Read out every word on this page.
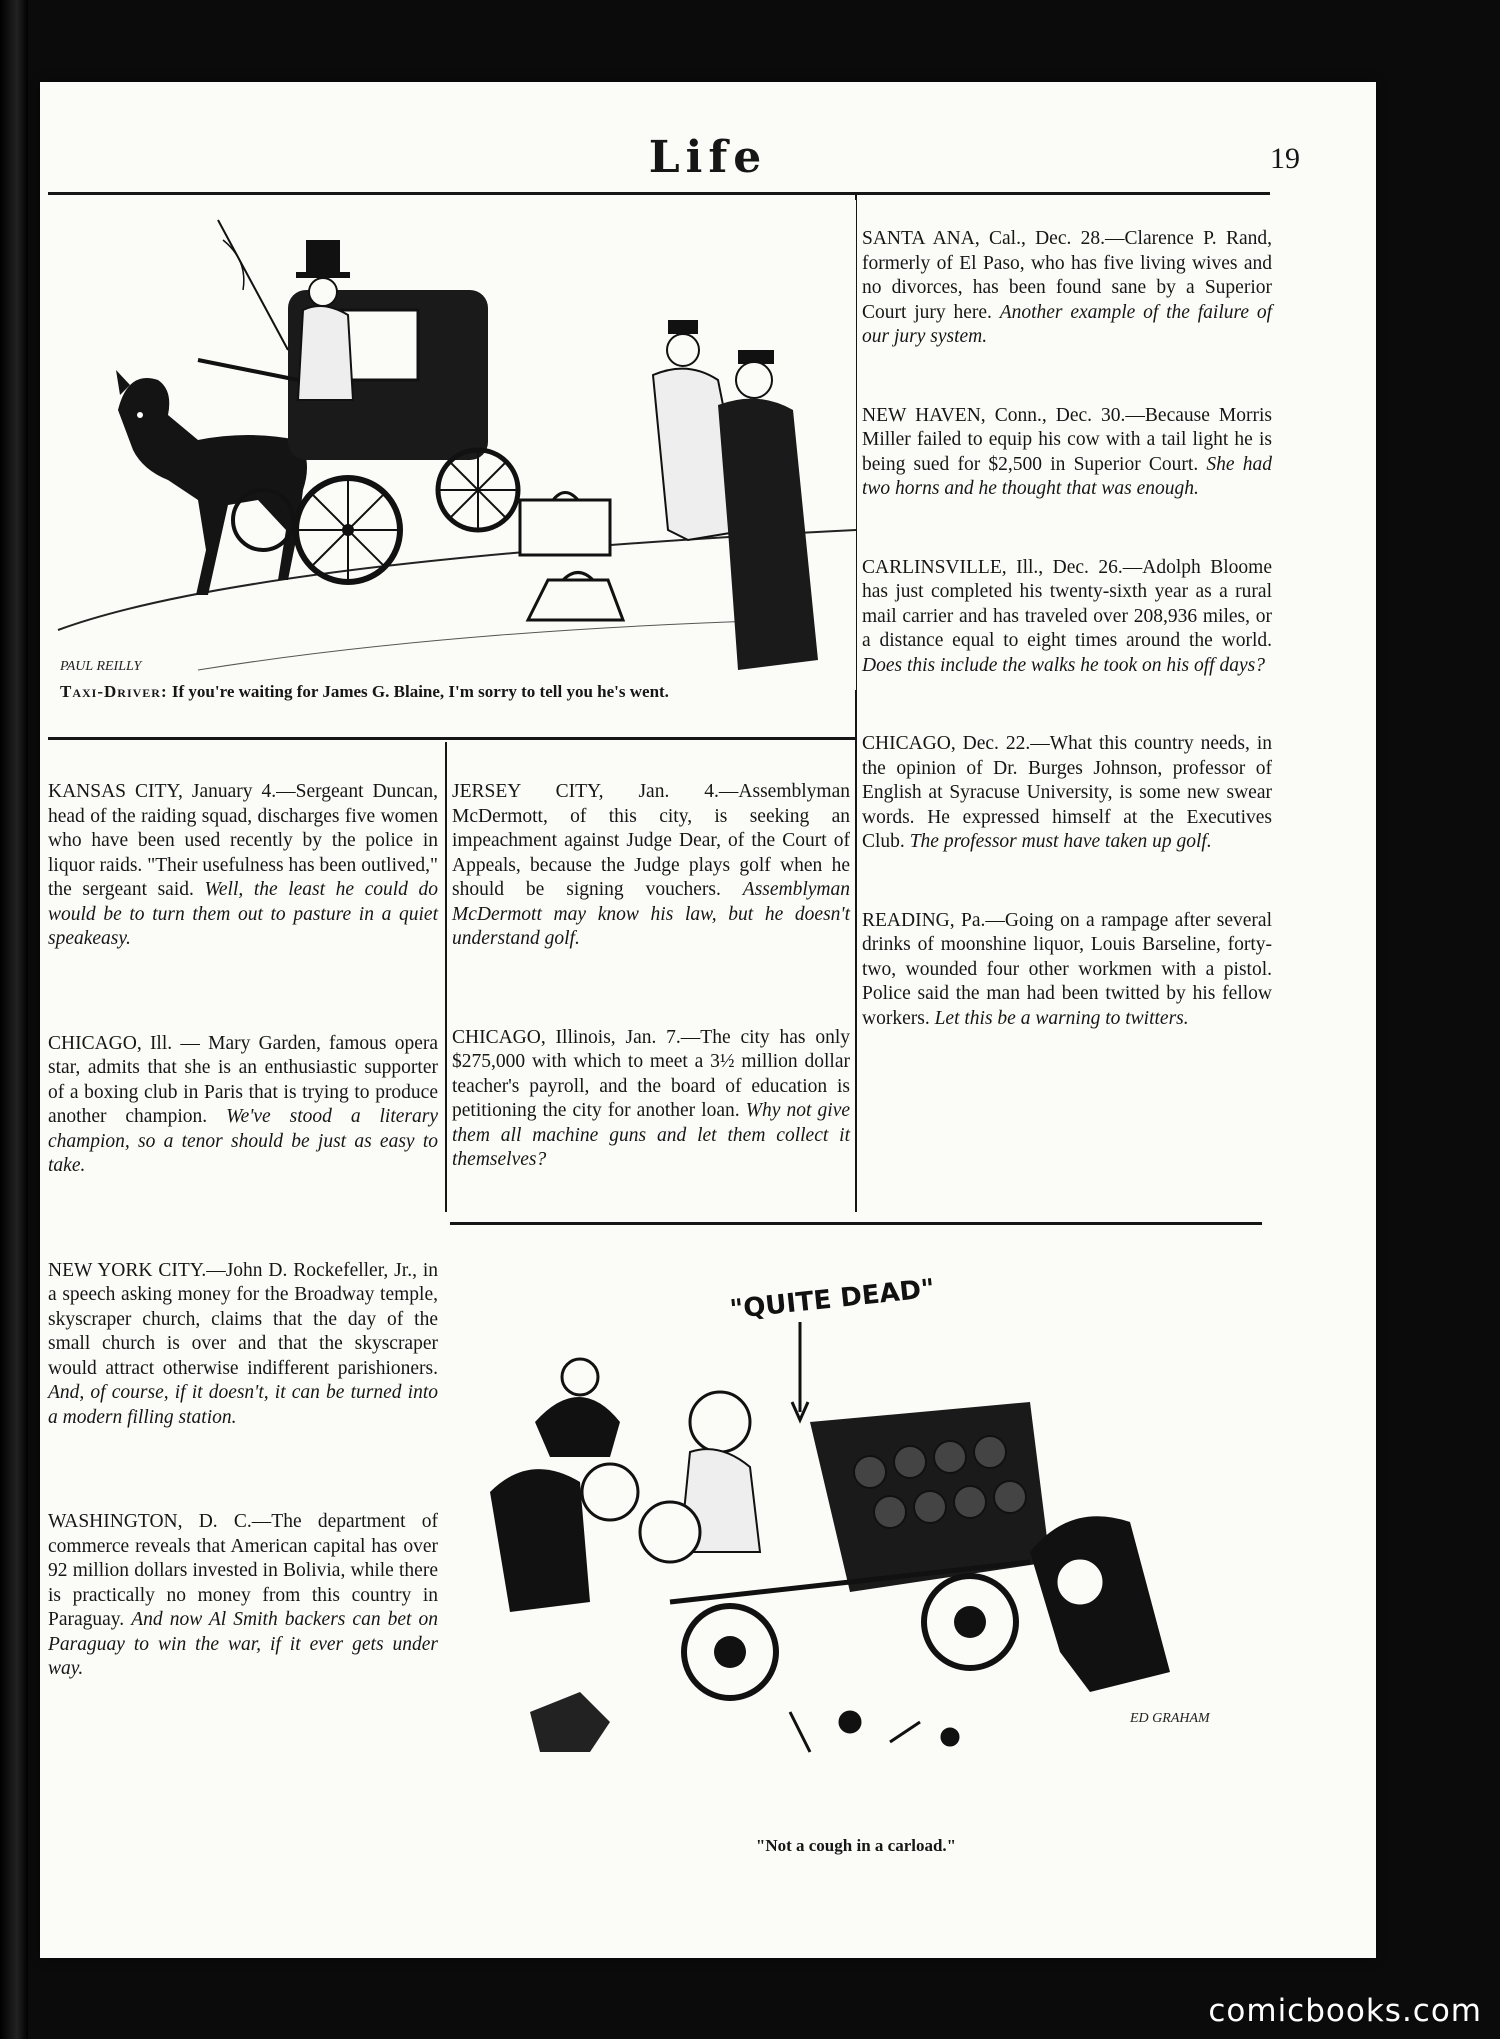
Life	19
PAUL REILLY
Taxi-Driver: If you're waiting for James G. Blaine, I'm sorry to tell you he's went.

SANTA ANA, Cal., Dec. 28.—Clarence P. Rand, formerly of El Paso, who has five living wives and no divorces, has been found sane by a Superior Court jury here. Another example of the failure of our jury system.

NEW HAVEN, Conn., Dec. 30.—Because Morris Miller failed to equip his cow with a tail light he is being sued for $2,500 in Superior Court. She had two horns and he thought that was enough.

CARLINSVILLE, Ill., Dec. 26.—Adolph Bloome has just completed his twenty-sixth year as a rural mail carrier and has traveled over 208,936 miles, or a distance equal to eight times around the world. Does this include the walks he took on his off days?

CHICAGO, Dec. 22.—What this country needs, in the opinion of Dr. Burges Johnson, professor of English at Syracuse University, is some new swear words. He expressed himself at the Executives Club. The professor must have taken up golf.

READING, Pa.—Going on a rampage after several drinks of moonshine liquor, Louis Barseline, forty-two, wounded four other workmen with a pistol. Police said the man had been twitted by his fellow workers. Let this be a warning to twitters.

KANSAS CITY, January 4.—Sergeant Duncan, head of the raiding squad, discharges five women who have been used recently by the police in liquor raids. "Their usefulness has been outlived," the sergeant said. Well, the least he could do would be to turn them out to pasture in a quiet speakeasy.

CHICAGO, Ill. — Mary Garden, famous opera star, admits that she is an enthusiastic supporter of a boxing club in Paris that is trying to produce another champion. We've stood a literary champion, so a tenor should be just as easy to take.

NEW YORK CITY.—John D. Rockefeller, Jr., in a speech asking money for the Broadway temple, skyscraper church, claims that the day of the small church is over and that the skyscraper would attract otherwise indifferent parishioners. And, of course, if it doesn't, it can be turned into a modern filling station.

WASHINGTON, D. C.—The department of commerce reveals that American capital has over 92 million dollars invested in Bolivia, while there is practically no money from this country in Paraguay. And now Al Smith backers can bet on Paraguay to win the war, if it ever gets under way.

JERSEY CITY, Jan. 4.—Assemblyman McDermott, of this city, is seeking an impeachment against Judge Dear, of the Court of Appeals, because the Judge plays golf when he should be signing vouchers. Assemblyman McDermott may know his law, but he doesn't understand golf.

CHICAGO, Illinois, Jan. 7.—The city has only $275,000 with which to meet a 3½ million dollar teacher's payroll, and the board of education is petitioning the city for another loan. Why not give them all machine guns and let them collect it themselves?

"QUITE DEAD"
ED GRAHAM
"Not a cough in a carload."
comicbooks.com
